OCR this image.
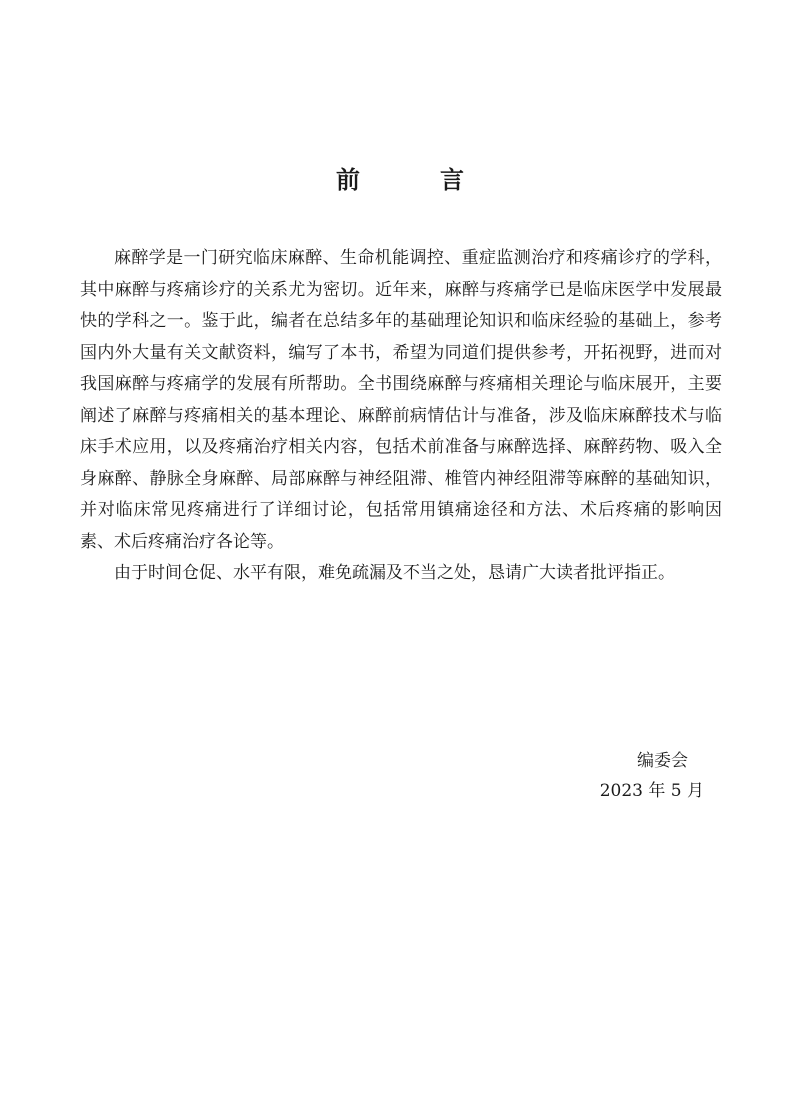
前　言

麻醉学是一门研究临床麻醉、生命机能调控、重症监测治疗和疼痛诊疗的学科，其中麻醉与疼痛诊疗的关系尤为密切。近年来，麻醉与疼痛学已是临床医学中发展最快的学科之一。鉴于此，编者在总结多年的基础理论知识和临床经验的基础上，参考国内外大量有关文献资料，编写了本书，希望为同道们提供参考，开拓视野，进而对我国麻醉与疼痛学的发展有所帮助。全书围绕麻醉与疼痛相关理论与临床展开，主要阐述了麻醉与疼痛相关的基本理论、麻醉前病情估计与准备，涉及临床麻醉技术与临床手术应用，以及疼痛治疗相关内容，包括术前准备与麻醉选择、麻醉药物、吸入全身麻醉、静脉全身麻醉、局部麻醉与神经阻滞、椎管内神经阻滞等麻醉的基础知识，并对临床常见疼痛进行了详细讨论，包括常用镇痛途径和方法、术后疼痛的影响因素、术后疼痛治疗各论等。

由于时间仓促、水平有限，难免疏漏及不当之处，恳请广大读者批评指正。

编委会
2023 年 5 月
